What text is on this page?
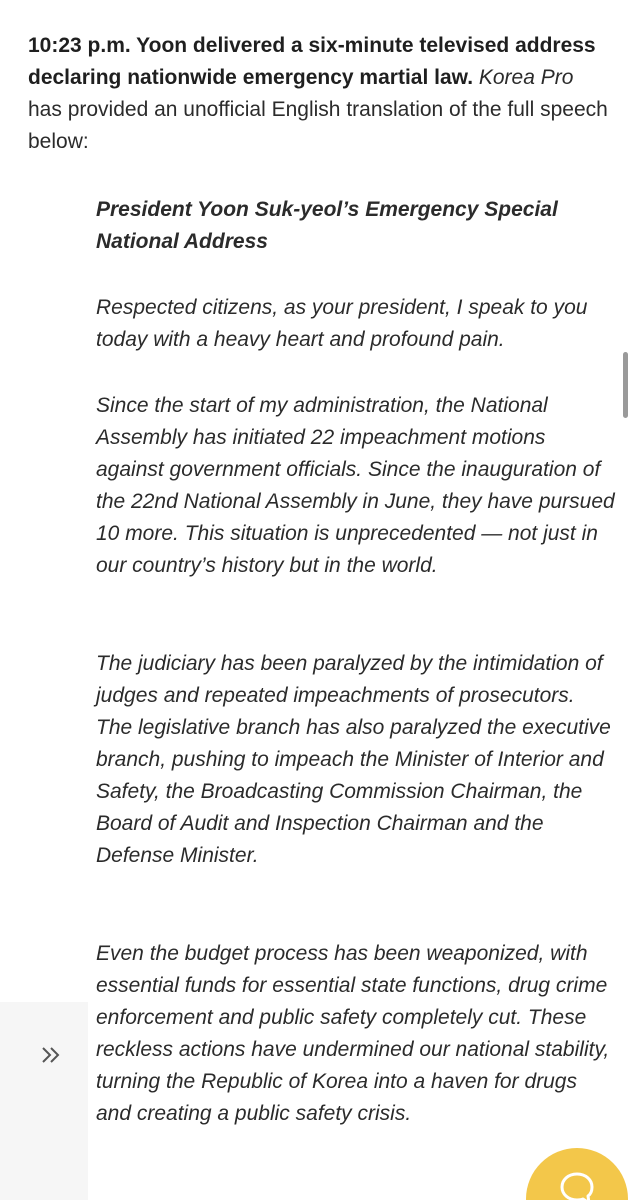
10:23 p.m. Yoon delivered a six-minute televised address declaring nationwide emergency martial law. Korea Pro has provided an unofficial English translation of the full speech below:

President Yoon Suk-yeol’s Emergency Special National Address

Respected citizens, as your president, I speak to you today with a heavy heart and profound pain.

Since the start of my administration, the National Assembly has initiated 22 impeachment motions against government officials. Since the inauguration of the 22nd National Assembly in June, they have pursued 10 more. This situation is unprecedented — not just in our country’s history but in the world.

The judiciary has been paralyzed by the intimidation of judges and repeated impeachments of prosecutors. The legislative branch has also paralyzed the executive branch, pushing to impeach the Minister of Interior and Safety, the Broadcasting Commission Chairman, the Board of Audit and Inspection Chairman and the Defense Minister.

Even the budget process has been weaponized, with essential funds for essential state functions, drug crime enforcement and public safety completely cut. These reckless actions have undermined our national stability, turning the Republic of Korea into a haven for drugs and creating a public safety crisis.
